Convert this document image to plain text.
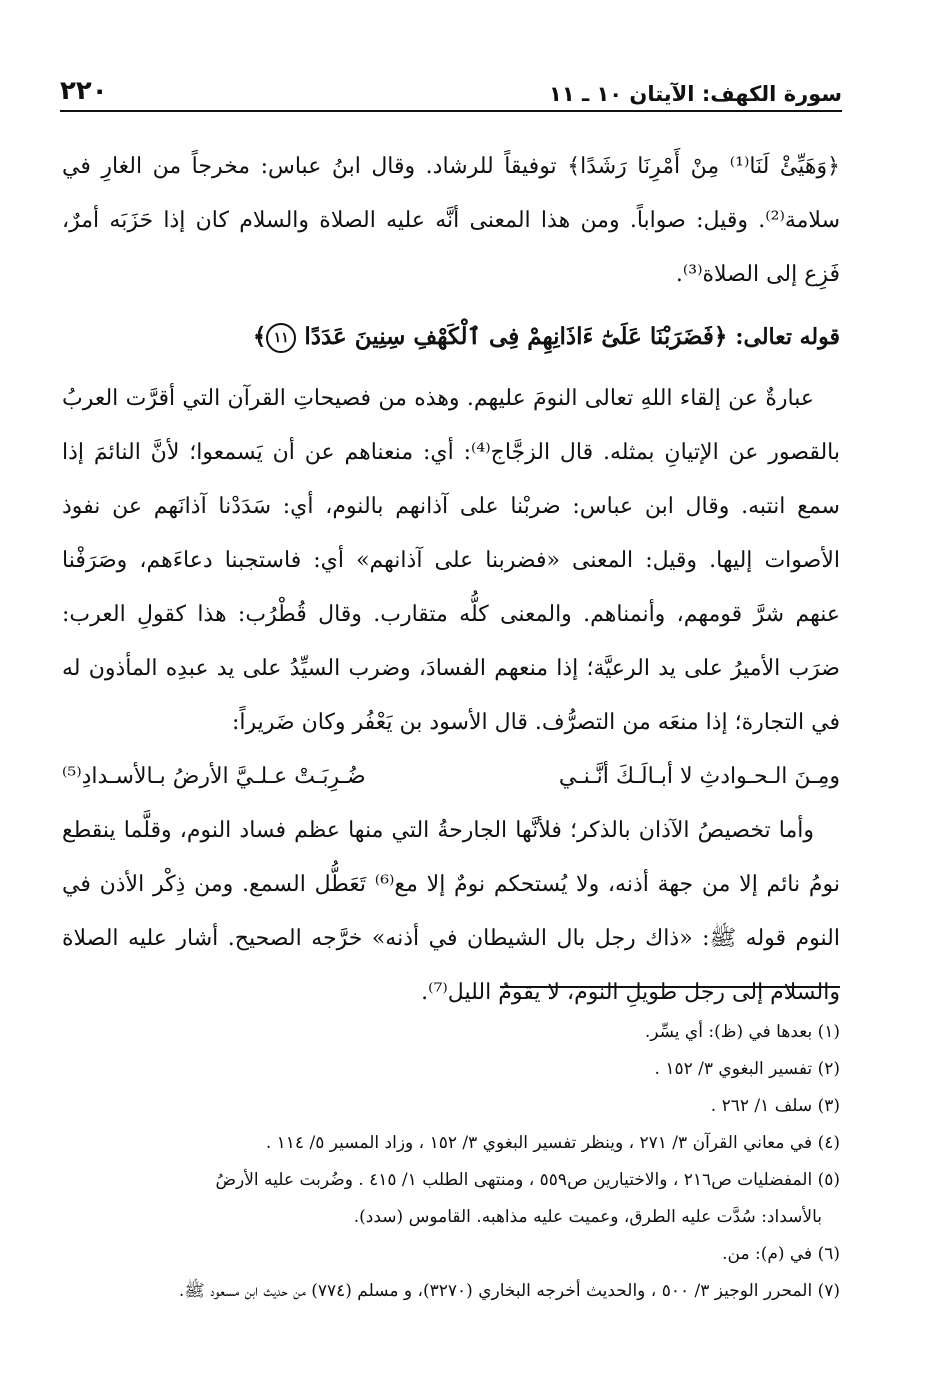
سورة الكهف: الآيتان ١٠ ـ ١١
٢٢٠

﴿وَهَيِّئْ لَنَا⁽¹⁾ مِنْ أَمْرِنَا رَشَدًا﴾ توفيقاً للرشاد. وقال ابنُ عباس: مخرجاً من الغارِ في سلامة⁽²⁾. وقيل: صواباً. ومن هذا المعنى أنَّه عليه الصلاة والسلام كان إذا حَزَبَه أمرٌ، فَزِع إلى الصلاة⁽³⁾.

قوله تعالى: ﴿فَضَرَبْنَا عَلَىٰٓ ءَاذَانِهِمْ فِى ٱلْكَهْفِ سِنِينَ عَدَدًا ١١﴾

عبارةٌ عن إلقاء اللهِ تعالى النومَ عليهم. وهذه من فصيحاتِ القرآن التي أقرَّت العربُ بالقصور عن الإتيانِ بمثله. قال الزجَّاج⁽⁴⁾: أي: منعناهم عن أن يَسمعوا؛ لأنَّ النائمَ إذا سمع انتبه. وقال ابن عباس: ضربْنا على آذانهم بالنوم، أي: سَدَدْنا آذانَهم عن نفوذ الأصوات إليها. وقيل: المعنى «فضربنا على آذانهم» أي: فاستجبنا دعاءَهم، وصَرَفْنا عنهم شرَّ قومهم، وأنمناهم. والمعنى كلُّه متقارب. وقال قُطْرُب: هذا كقولِ العرب: ضرَب الأميرُ على يد الرعيَّة؛ إذا منعهم الفسادَ، وضرب السيِّدُ على يد عبدِه المأذون له في التجارة؛ إذا منعَه من التصرُّف. قال الأسود بن يَعْفُر وكان ضَريراً:

ومِـنَ الـحـوادثِ لا أبـالَـكَ أنَّـنـي
ضُـرِبَـتْ عـلـيَّ الأرضُ بـالأسـدادِ⁽⁵⁾

وأما تخصيصُ الآذان بالذكر؛ فلأنَّها الجارحةُ التي منها عظم فساد النوم، وقلَّما ينقطع نومُ نائم إلا من جهة أذنه، ولا يُستحكم نومٌ إلا مع⁽⁶⁾ تَعَطُّل السمع. ومن ذِكْر الأذن في النوم قوله ﷺ: «ذاك رجل بال الشيطان في أذنه» خرَّجه الصحيح. أشار عليه الصلاة والسلام إلى رجل طويلِ النوم، لا يقومُ الليل⁽⁷⁾.

(١) بعدها في (ظ): أي يسِّر.

(٢) تفسير البغوي ٣/ ١٥٢ .

(٣) سلف ١/ ٢٦٢ .

(٤) في معاني القرآن ٣/ ٢٧١ ، وينظر تفسير البغوي ٣/ ١٥٢ ، وزاد المسير ٥/ ١١٤ .

(٥) المفضليات ص٢١٦ ، والاختيارين ص٥٥٩ ، ومنتهى الطلب ١/ ٤١٥ . وضُربت عليه الأرضُ

بالأسداد: سُدَّت عليه الطرق، وعميت عليه مذاهبه. القاموس (سدد).

(٦) في (م): من.

(٧) المحرر الوجيز ٣/ ٥٠٠ ، والحديث أخرجه البخاري (٣٢٧٠)، و مسلم (٧٧٤) من حديث ابن مسعود ﷺ.
